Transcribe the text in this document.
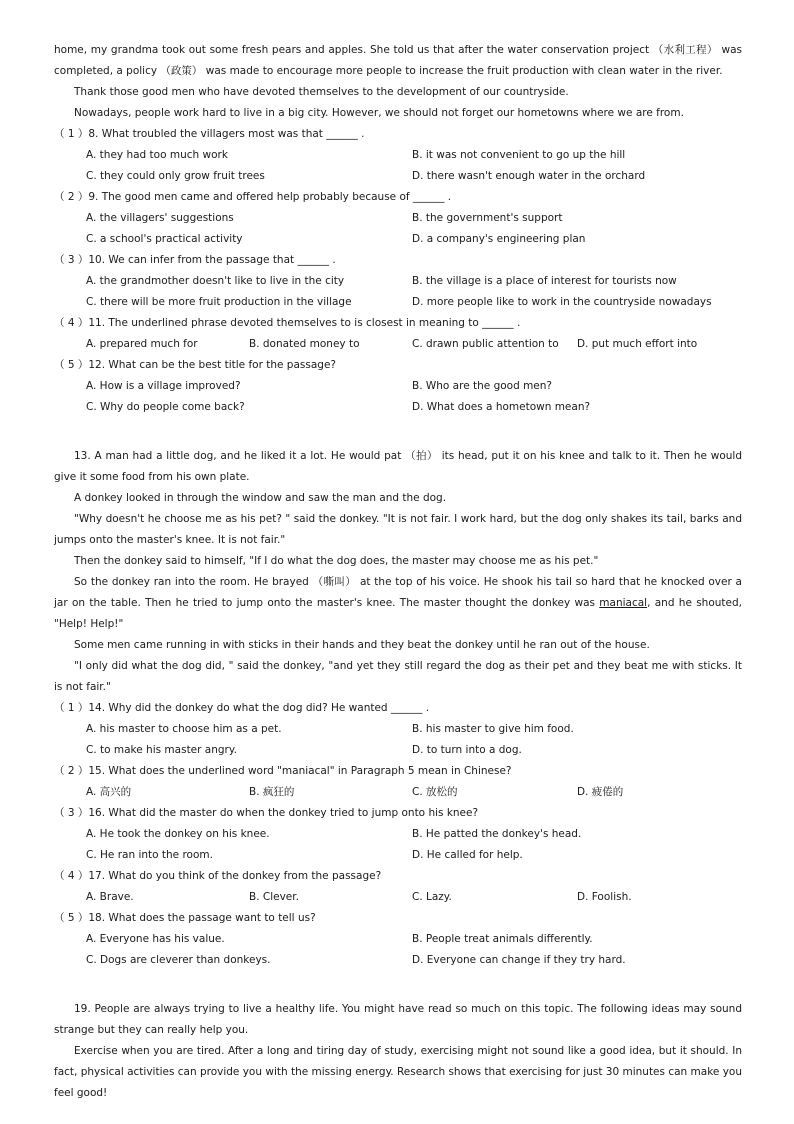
home, my grandma took out some fresh pears and apples. She told us that after the water conservation project （水利工程） was completed, a policy （政策） was made to encourage more people to increase the fruit production with clean water in the river.

Thank those good men who have devoted themselves to the development of our countryside.

Nowadays, people work hard to live in a big city. However, we should not forget our hometowns where we are from.

（ 1 ）8. What troubled the villagers most was that ______ .
A. they had too much work	B. it was not convenient to go up the hill
C. they could only grow fruit trees	D. there wasn't enough water in the orchard
（ 2 ）9. The good men came and offered help probably because of ______ .
A. the villagers' suggestions	B. the government's support
C. a school's practical activity	D. a company's engineering plan
（ 3 ）10. We can infer from the passage that ______ .
A. the grandmother doesn't like to live in the city	B. the village is a place of interest for tourists now
C. there will be more fruit production in the village	D. more people like to work in the countryside nowadays
（ 4 ）11. The underlined phrase devoted themselves to is closest in meaning to ______ .
A. prepared much for	B. donated money to	C. drawn public attention to D. put much effort into
（ 5 ）12. What can be the best title for the passage?
A. How is a village improved?	B. Who are the good men?
C. Why do people come back?	D. What does a hometown mean?

13. A man had a little dog, and he liked it a lot. He would pat （拍） its head, put it on his knee and talk to it. Then he would give it some food from his own plate.

A donkey looked in through the window and saw the man and the dog.

"Why doesn't he choose me as his pet? " said the donkey. "It is not fair. I work hard, but the dog only shakes its tail, barks and jumps onto the master's knee. It is not fair."

Then the donkey said to himself, "If I do what the dog does, the master may choose me as his pet."

So the donkey ran into the room. He brayed （嘶叫） at the top of his voice. He shook his tail so hard that he knocked over a jar on the table. Then he tried to jump onto the master's knee. The master thought the donkey was maniacal, and he shouted, "Help! Help!"

Some men came running in with sticks in their hands and they beat the donkey until he ran out of the house.

"I only did what the dog did, " said the donkey, "and yet they still regard the dog as their pet and they beat me with sticks. It is not fair."

（ 1 ）14. Why did the donkey do what the dog did? He wanted ______ .
A. his master to choose him as a pet.	B. his master to give him food.
C. to make his master angry.	D. to turn into a dog.
（ 2 ）15. What does the underlined word "maniacal" in Paragraph 5 mean in Chinese?
A. 高兴的	B. 疯狂的	C. 放松的	D. 疲倦的
（ 3 ）16. What did the master do when the donkey tried to jump onto his knee?
A. He took the donkey on his knee.	B. He patted the donkey's head.
C. He ran into the room.	D. He called for help.
（ 4 ）17. What do you think of the donkey from the passage?
A. Brave.	B. Clever.	C. Lazy.	D. Foolish.
（ 5 ）18. What does the passage want to tell us?
A. Everyone has his value.	B. People treat animals differently.
C. Dogs are cleverer than donkeys.	D. Everyone can change if they try hard.

19. People are always trying to live a healthy life. You might have read so much on this topic. The following ideas may sound strange but they can really help you.

Exercise when you are tired. After a long and tiring day of study, exercising might not sound like a good idea, but it should. In fact, physical activities can provide you with the missing energy. Research shows that exercising for just 30 minutes can make you feel good!
